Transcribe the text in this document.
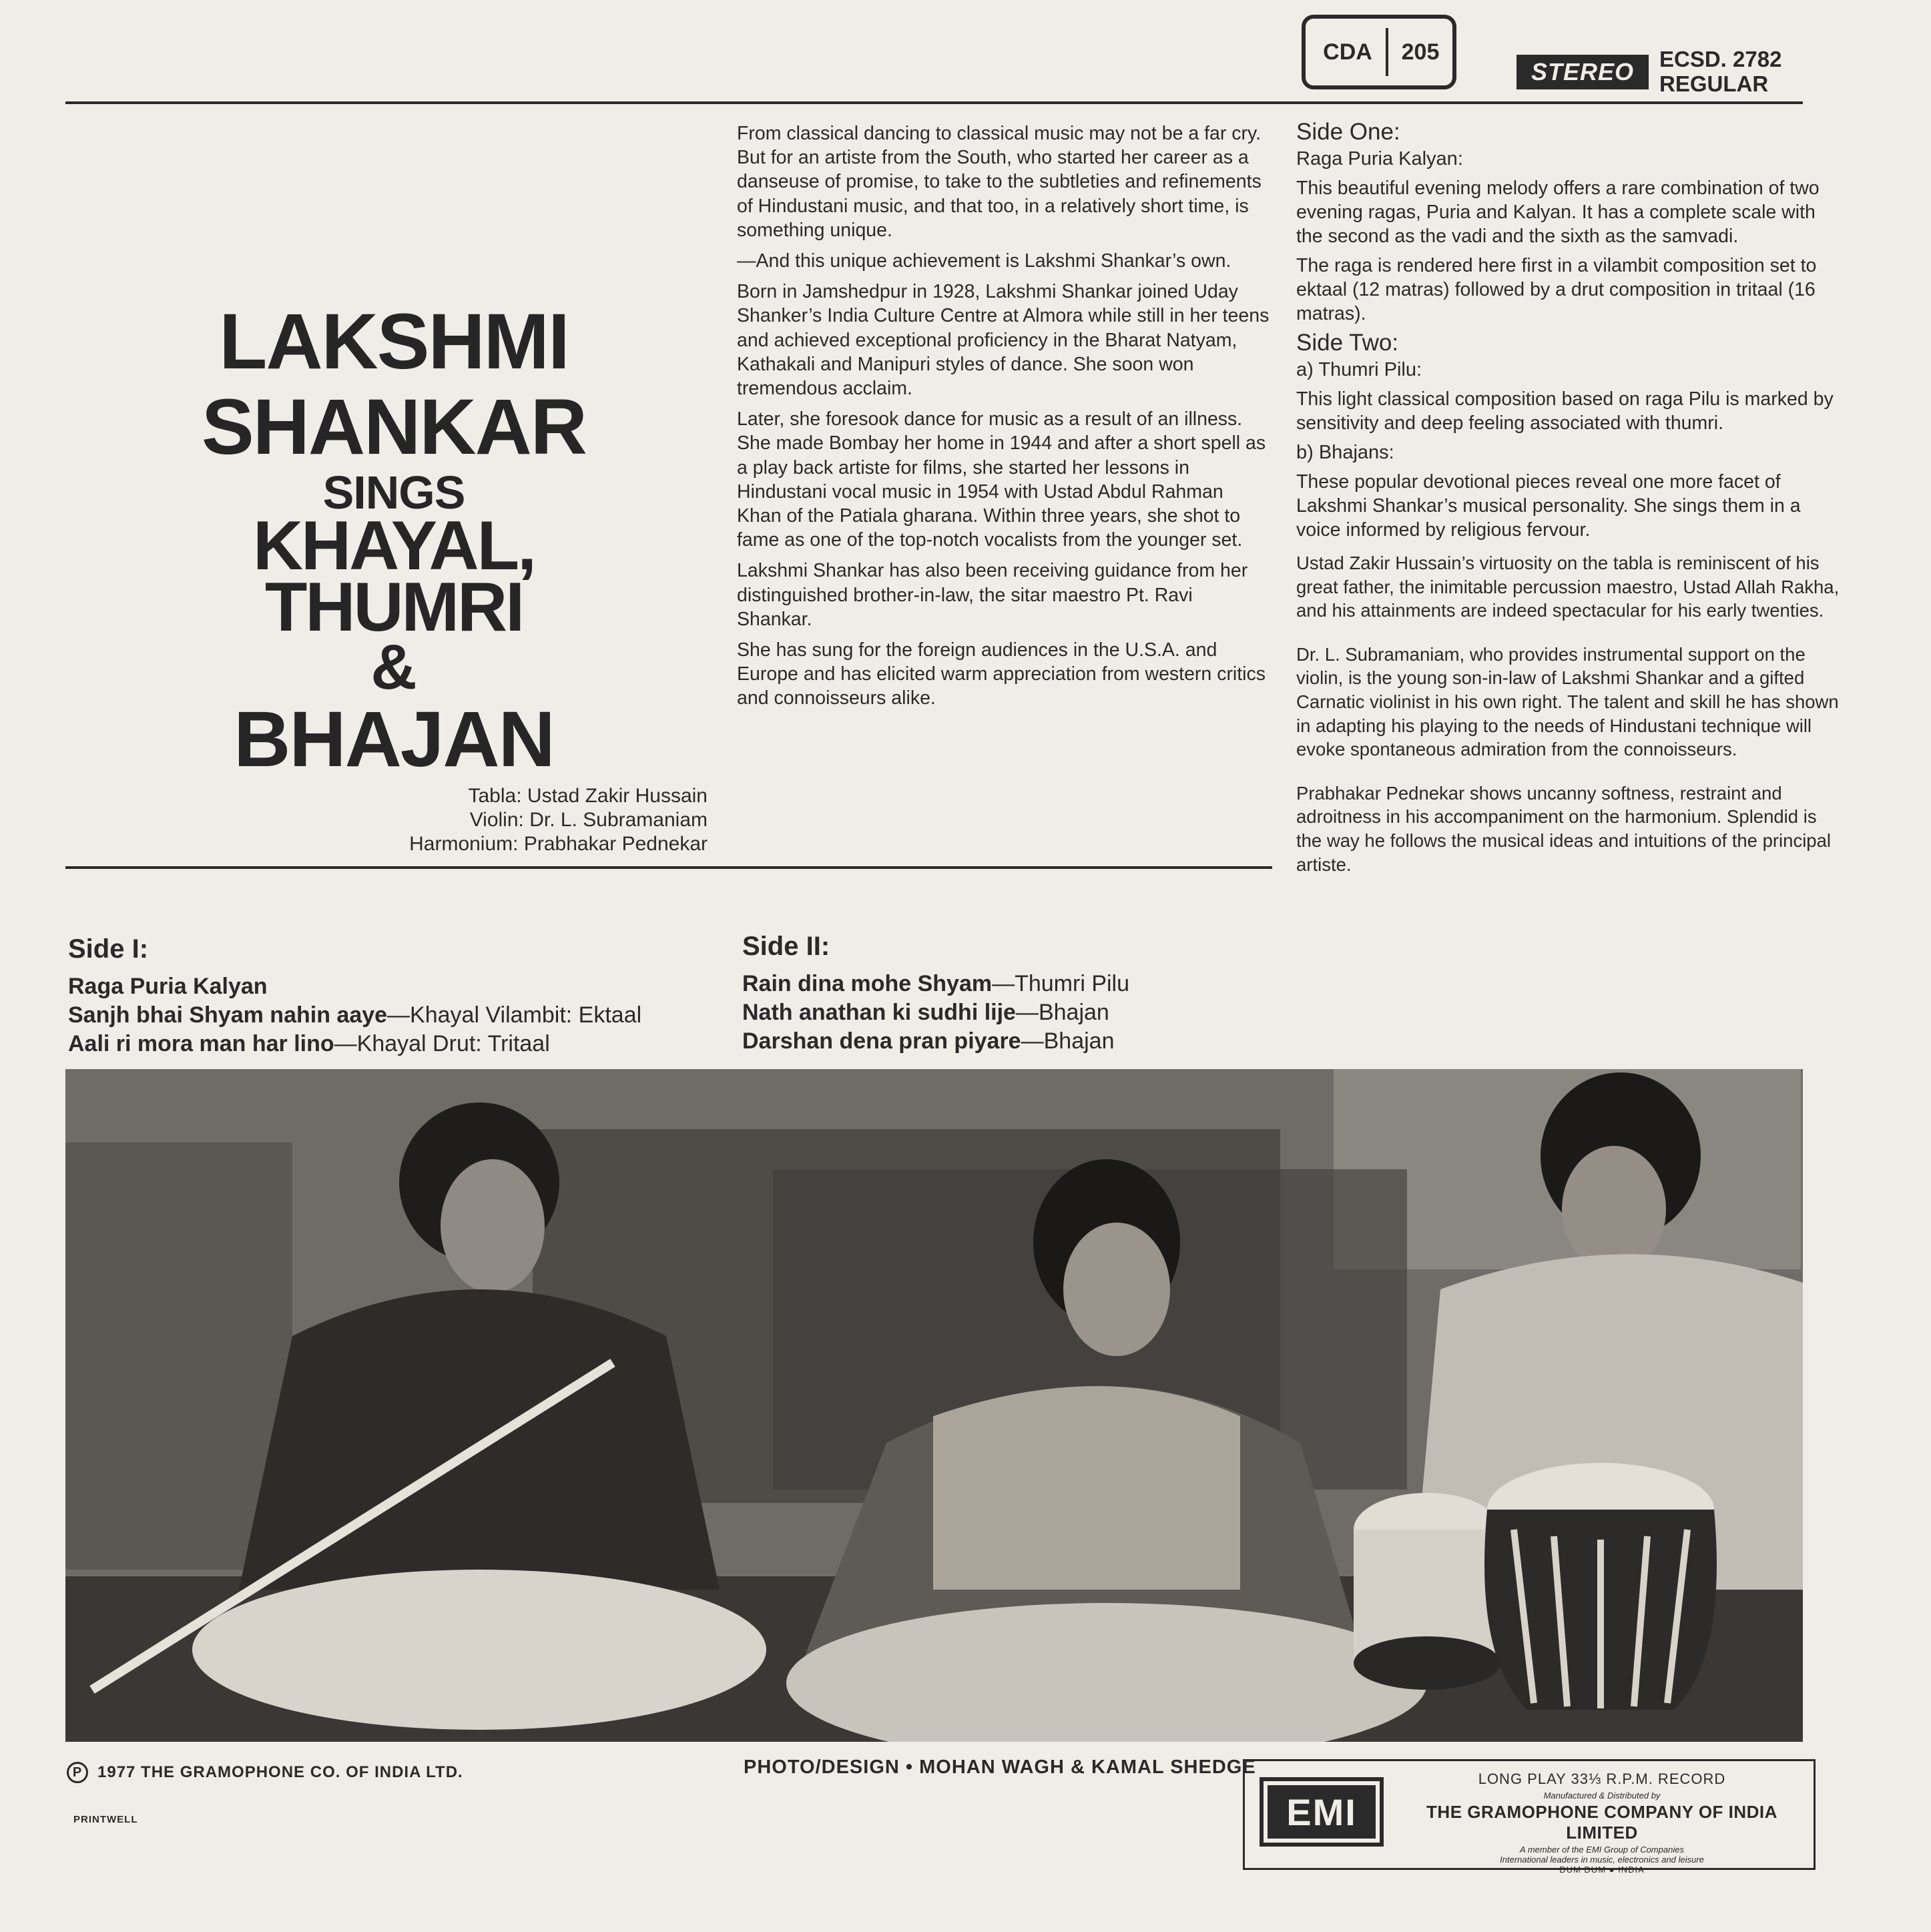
CDA	205
STEREO	ECSD. 2782
REGULAR
LAKSHMI
SHANKAR
SINGS
KHAYAL, THUMRI
&
BHAJAN
Tabla:
Ustad Zakir Hussain
Violin:
Dr. L. Subramaniam
Harmonium:
Prabhakar Pednekar

From classical dancing to classical music may not be a far cry. But for an artiste from the South, who started her career as a danseuse of promise, to take to the subtleties and refinements of Hindustani music, and that too, in a relatively short time, is something unique.

—And this unique achievement is Lakshmi Shankar’s own.

Born in Jamshedpur in 1928, Lakshmi Shankar joined Uday Shanker’s India Culture Centre at Almora while still in her teens and achieved exceptional proficiency in the Bharat Natyam, Kathakali and Manipuri styles of dance. She soon won tremendous acclaim.

Later, she foresook dance for music as a result of an illness. She made Bombay her home in 1944 and after a short spell as a play back artiste for films, she started her lessons in Hindustani vocal music in 1954 with Ustad Abdul Rahman Khan of the Patiala gharana. Within three years, she shot to fame as one of the top-notch vocalists from the younger set.

Lakshmi Shankar has also been receiving guidance from her distinguished brother-in-law, the sitar maestro Pt. Ravi Shankar.

She has sung for the foreign audiences in the U.S.A. and Europe and has elicited warm appreciation from western critics and connoisseurs alike.

Side One:
Raga Puria Kalyan:

This beautiful evening melody offers a rare combination of two evening ragas, Puria and Kalyan. It has a complete scale with the second as the vadi and the sixth as the samvadi.

The raga is rendered here first in a vilambit composition set to ektaal (12 matras) followed by a drut composition in tritaal (16 matras).

Side Two:
a) Thumri Pilu:

This light classical composition based on raga Pilu is marked by sensitivity and deep feeling associated with thumri.

b) Bhajans:

These popular devotional pieces reveal one more facet of Lakshmi Shankar’s musical personality. She sings them in a voice informed by religious fervour.

Ustad Zakir Hussain’s virtuosity on the tabla is reminiscent of his great father, the inimitable percussion maestro, Ustad Allah Rakha, and his attainments are indeed spectacular for his early twenties.

Dr. L. Subramaniam, who provides instrumental support on the violin, is the young son-in-law of Lakshmi Shankar and a gifted Carnatic violinist in his own right. The talent and skill he has shown in adapting his playing to the needs of Hindustani technique will evoke spontaneous admiration from the connoisseurs.

Prabhakar Pednekar shows uncanny softness, restraint and adroitness in his accompaniment on the harmonium. Splendid is the way he follows the musical ideas and intuitions of the principal artiste.

Side I:
Raga Puria Kalyan
Sanjh bhai Shyam nahin aaye—Khayal Vilambit: Ektaal
Aali ri mora man har lino—Khayal Drut: Tritaal
Side II:
Rain dina mohe Shyam—Thumri Pilu
Nath anathan ki sudhi lije—Bhajan
Darshan dena pran piyare—Bhajan
P 1977 THE GRAMOPHONE CO. OF INDIA LTD.
PRINTWELL
PHOTO/DESIGN • MOHAN WAGH & KAMAL SHEDGE
EMI
LONG PLAY 33⅓ R.P.M. RECORD
Manufactured & Distributed by
THE GRAMOPHONE COMPANY OF INDIA LIMITED
A member of the EMI Group of Companies
International leaders in music, electronics and leisure
DUM DUM ● INDIA
